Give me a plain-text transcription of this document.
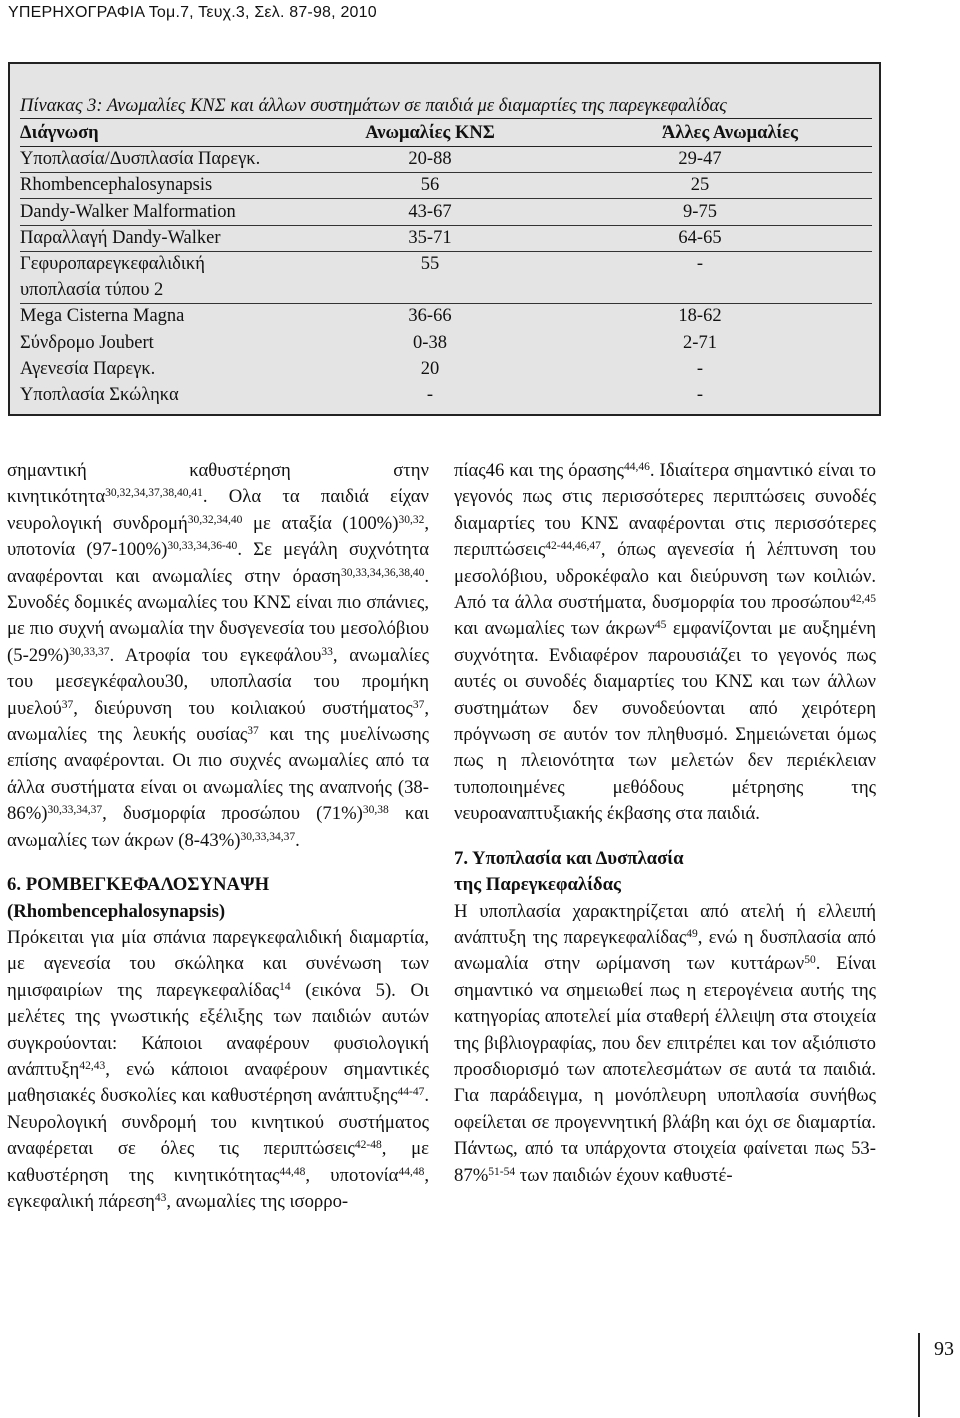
ΥΠΕΡΗΧΟΓΡΑΦΙΑ Τομ.7, Τευχ.3, Σελ. 87-98, 2010
Πίνακας 3: Ανωμαλίες ΚΝΣ και άλλων συστημάτων σε παιδιά με διαμαρτίες της παρεγκεφαλίδας
Διάγνωση	Ανωμαλίες ΚΝΣ	Άλλες Ανωμαλίες
Υποπλασία/Δυσπλασία Παρεγκ.	20-88	29-47
Rhombencephalosynapsis	56	25
Dandy-Walker Malformation	43-67	9-75
Παραλλαγή Dandy-Walker	35-71	64-65
Γεφυροπαρεγκεφαλιδική	55	-
υποπλασία τύπου 2
Mega Cisterna Magna	36-66	18-62
Σύνδρομο Joubert	0-38	2-71
Αγενεσία Παρεγκ.	20	-
Υποπλασία Σκώληκα	-	-

σημαντική καθυστέρηση στην κινητικότητα$^{30,32,34,37,38,40,41}$. Ολα τα παιδιά είχαν νευρολογική συνδρομή$^{30,32,34,40}$ με αταξία $(100\%)^{30,32}$, υποτονία $(97-100\%)^{30,33,34,36-40}$. Σε μεγάλη συχνότητα αναφέρονται και ανωμαλίες στην όραση$^{30,33,34,36,38,40}$. Συνοδές δομικές ανωμαλίες του ΚΝΣ είναι πιο σπάνιες, με πιο συχνή ανωμαλία την δυσγενεσία του μεσολόβιου $(5-29\%)^{30,33,37}$. Ατροφία του εγκεφάλου$^{33}$, ανωμαλίες του μεσεγκέφαλου30, υποπλασία του προμήκη μυελού$^{37}$, διεύρυνση του κοιλιακού συστήματος$^{37}$, ανωμαλίες της λευκής ουσίας$^{37}$ και της μυελίνωσης επίσης αναφέρονται. Οι πιο συχνές ανωμαλίες από τα άλλα συστήματα είναι οι ανωμαλίες της αναπνοής $(38-86\%)^{30,33,34,37}$, δυσμορφία προσώπου $(71\%)^{30,38}$ και ανωμαλίες των άκρων $(8-43\%)^{30,33,34,37}$.

6. ΡΟΜΒΕΓΚΕΦΑΛΟΣΥΝΑΨΗ
(Rhombencephalosynapsis)

Πρόκειται για μία σπάνια παρεγκεφαλιδική διαμαρτία, με αγενεσία του σκώληκα και συνένωση των ημισφαιρίων της παρεγκεφαλίδας$^{14}$ (εικόνα 5). Οι μελέτες της γνωστικής εξέλιξης των παιδιών αυτών συγκρούονται: Κάποιοι αναφέρουν φυσιολογική ανάπτυξη$^{42,43}$, ενώ κάποιοι αναφέρουν σημαντικές μαθησιακές δυσκολίες και καθυστέρηση ανάπτυξης$^{44-47}$. Νευρολογική συνδρομή του κινητικού συστήματος αναφέρεται σε όλες τις περιπτώσεις$^{42-48}$, με καθυστέρηση της κινητικότητας$^{44,48}$, υποτονία$^{44,48}$, εγκεφαλική πάρεση$^{43}$, ανωμαλίες της ισορρο-

πίας46 και της όρασης$^{44,46}$. Ιδιαίτερα σημαντικό είναι το γεγονός πως στις περισσότερες περιπτώσεις συνοδές διαμαρτίες του ΚΝΣ αναφέρονται στις περισσότερες περιπτώσεις$^{42-44,46,47}$, όπως αγενεσία ή λέπτυνση του μεσολόβιου, υδροκέφαλο και διεύρυνση των κοιλιών. Από τα άλλα συστήματα, δυσμορφία του προσώπου$^{42,45}$ και ανωμαλίες των άκρων$^{45}$ εμφανίζονται με αυξημένη συχνότητα. Ενδιαφέρον παρουσιάζει το γεγονός πως αυτές οι συνοδές διαμαρτίες του ΚΝΣ και των άλλων συστημάτων δεν συνοδεύονται από χειρότερη πρόγνωση σε αυτόν τον πληθυσμό. Σημειώνεται όμως πως η πλειονότητα των μελετών δεν περιέκλειαν τυποποιημένες μεθόδους μέτρησης της νευροαναπτυξιακής έκβασης στα παιδιά.

7. Υποπλασία και Δυσπλασία
της Παρεγκεφαλίδας

Η υποπλασία χαρακτηρίζεται από ατελή ή ελλειπή ανάπτυξη της παρεγκεφαλίδας$^{49}$, ενώ η δυσπλασία από ανωμαλία στην ωρίμανση των κυττάρων$^{50}$. Είναι σημαντικό να σημειωθεί πως η ετερογένεια αυτής της κατηγορίας αποτελεί μία σταθερή έλλειψη στα στοιχεία της βιβλιογραφίας, που δεν επιτρέπει και τον αξιόπιστο προσδιορισμό των αποτελεσμάτων σε αυτά τα παιδιά. Για παράδειγμα, η μονόπλευρη υποπλασία συνήθως οφείλεται σε προγεννητική βλάβη και όχι σε διαμαρτία. Πάντως, από τα υπάρχοντα στοιχεία φαίνεται πως 53-87%$^{51-54}$ των παιδιών έχουν καθυστέ-

93
